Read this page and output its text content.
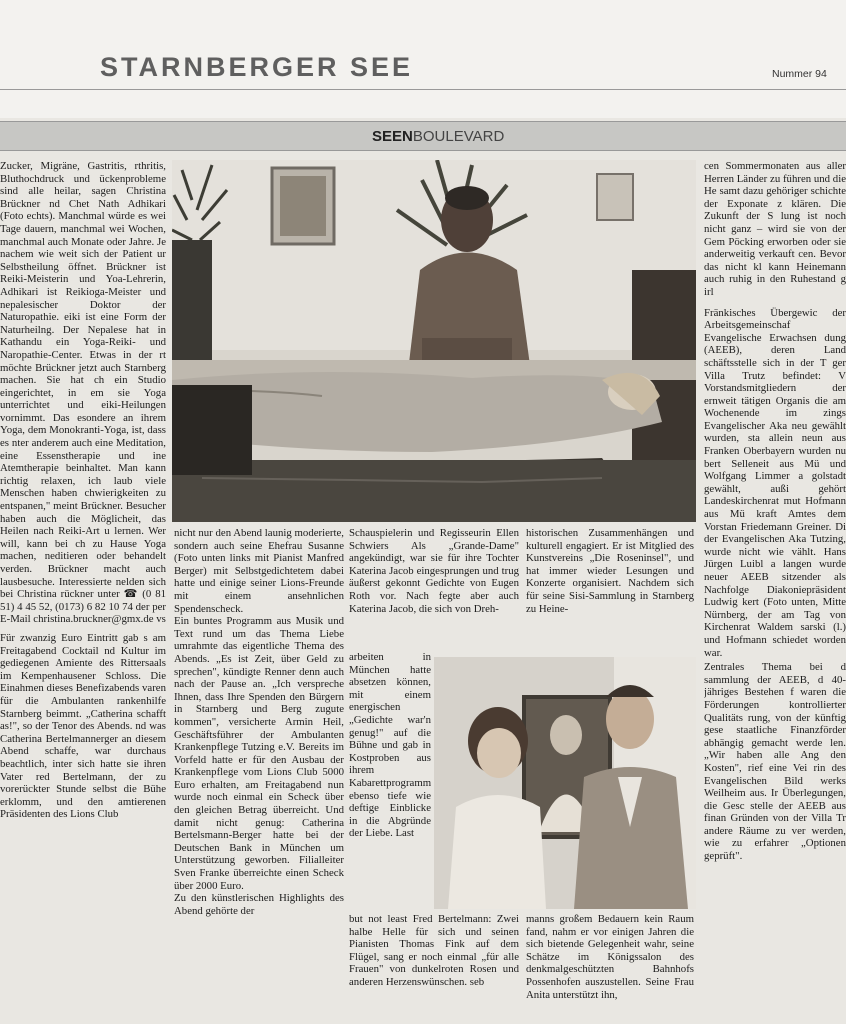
STARNBERGER SEE	Nummer 94
SEENBOULEVARD

Zucker, Migräne, Gastritis, rthritis, Bluthochdruck und ückenprobleme sind alle heilar, sagen Christina Brückner nd Chet Nath Adhikari (Foto echts). Manchmal würde es wei Tage dauern, manchmal wei Wochen, manchmal auch Monate oder Jahre. Je nachem wie weit sich der Patient ur Selbstheilung öffnet. Brückner ist Reiki-Meisterin und Yoa-Lehrerin, Adhikari ist Reikioga-Meister und nepalesischer Doktor der Naturopathie. eiki ist eine Form der Naturheilng. Der Nepalese hat in Kathandu ein Yoga-Reiki- und Naropathie-Center. Etwas in der rt möchte Brückner jetzt auch Starnberg machen. Sie hat ch ein Studio eingerichtet, in em sie Yoga unterrichtet und eiki-Heilungen vornimmt. Das esondere an ihrem Yoga, dem Monokranti-Yoga, ist, dass es nter anderem auch eine Meditation, eine Essenstherapie und ine Atemtherapie beinhaltet. Man kann richtig relaxen, ich laub viele Menschen haben chwierigkeiten zu entspanen," meint Brückner. Besucher haben auch die Möglicheit, das Heilen nach Reiki-Art u lernen. Wer will, kann bei ch zu Hause Yoga machen, neditieren oder behandelt verden. Brückner macht auch lausbesuche. Interessierte nelden sich bei Christina rückner unter ☎ (0 81 51) 4 45 52, (0173) 6 82 10 74 der per E-Mail christina.bruckner@gmx.de vs

Für zwanzig Euro Eintritt gab s am Freitagabend Cocktail nd Kultur im gediegenen Amiente des Rittersaals im Kempenhausener Schloss. Die Einahmen dieses Benefizabends varen für die Ambulanten rankenhilfe Starnberg beimmt. „Catherina schafft as!", so der Tenor des Abends. nd was Catherina Bertelmannerger an diesem Abend schaffe, war durchaus beachtlich, inter sich hatte sie ihren Vater red Bertelmann, der zu vorerückter Stunde selbst die Bühe erklomm, und den amtierenen Präsidenten des Lions Club

nicht nur den Abend launig moderierte, sondern auch seine Ehefrau Susanne (Foto unten links mit Pianist Manfred Berger) mit Selbstgedichtetem dabei hatte und einige seiner Lions-Freunde mit einem ansehnlichen Spendenscheck.
Ein buntes Programm aus Musik und Text rund um das Thema Liebe umrahmte das eigentliche Thema des Abends. „Es ist Zeit, über Geld zu sprechen", kündigte Renner denn auch nach der Pause an. „Ich verspreche Ihnen, dass Ihre Spenden den Bürgern in Starnberg und Berg zugute kommen", versicherte Armin Heil, Geschäftsführer der Ambulanten Krankenpflege Tutzing e.V. Bereits im Vorfeld hatte er für den Ausbau der Krankenpflege vom Lions Club 5000 Euro erhalten, am Freitagabend nun wurde noch einmal ein Scheck über den gleichen Betrag überreicht. Und damit nicht genug: Catherina Bertelsmann-Berger hatte bei der Deutschen Bank in München um Unterstützung geworben. Filialleiter Sven Franke überreichte einen Scheck über 2000 Euro.
Zu den künstlerischen Highlights des Abend gehörte der

Schauspielerin und Regisseurin Ellen Schwiers Als „Grande-Dame" angekündigt, war sie für ihre Tochter Katerina Jacob eingesprungen und trug äußerst gekonnt Gedichte von Eugen Roth vor. Nach fegte aber auch Katerina Jacob, die sich von Dreh-

arbeiten in München hatte absetzen können, mit einem energischen „Gedichte war'n genug!" auf die Bühne und gab in Kostproben aus ihrem Kabarettprogramm ebenso tiefe wie deftige Einblicke in die Abgründe der Liebe. Last

but not least Fred Bertelmann: Zwei halbe Helle für sich und seinen Pianisten Thomas Fink auf dem Flügel, sang er noch einmal „für alle Frauen" von dunkelroten Rosen und anderen Herzenswünschen. seb

historischen Zusammenhängen und kulturell engagiert. Er ist Mitglied des Kunstvereins „Die Roseninsel", und hat immer wieder Lesungen und Konzerte organisiert. Nachdem sich für seine Sisi-Sammlung in Starnberg zu Heine-

manns großem Bedauern kein Raum fand, nahm er vor einigen Jahren die sich bietende Gelegenheit wahr, seine Schätze im Königssalon des denkmalgeschützten Bahnhofs Possenhofen auszustellen. Seine Frau Anita unterstützt ihn,

cen Sommermonaten aus aller Herren Länder zu führen und die He samt dazu gehöriger schichte der Exponate z klären. Die Zukunft der S lung ist noch nicht ganz – wird sie von der Gem Pöcking erworben oder sie anderweitig verkauft cen. Bevor das nicht kl kann Heinemann auch ruhig in den Ruhestand g irl

Fränkisches Übergewic der Arbeitsgemeinschaf Evangelische Erwachsen dung (AEEB), deren Land schäftsstelle sich in der T ger Villa Trutz befindet: V Vorstandsmitgliedern der ernweit tätigen Organis die am Wochenende im zings Evangelischer Aka neu gewählt wurden, sta allein neun aus Franken Oberbayern wurden nu bert Selleneit aus Mü und Wolfgang Limmer a golstadt gewählt, außi gehört Landeskirchenrat mut Hofmann aus Mü kraft Amtes dem Vorstan Friedemann Greiner. Di der Evangelischen Aka Tutzing, wurde nicht wie vählt. Hans Jürgen Luibl a langen wurde neuer AEEB sitzender als Nachfolge Diakoniepräsident Ludwig kert (Foto unten, Mitte Nürnberg, der am Tag von Kirchenrat Waldem sarski (l.) und Hofmann schiedet worden war.

Zentrales Thema bei d sammlung der AEEB, d 40-jähriges Bestehen f waren die Förderungen kontrollierter Qualitäts rung, von der künftig gese staatliche Finanzförder abhängig gemacht werde len. „Wir haben alle Ang den Kosten", rief eine Vei rin des Evangelischen Bild werks Weilheim aus. Ir Überlegungen, die Gesc stelle der AEEB aus finan Gründen von der Villa Tr andere Räume zu ver werden, wie zu erfahrer „Optionen geprüft".
